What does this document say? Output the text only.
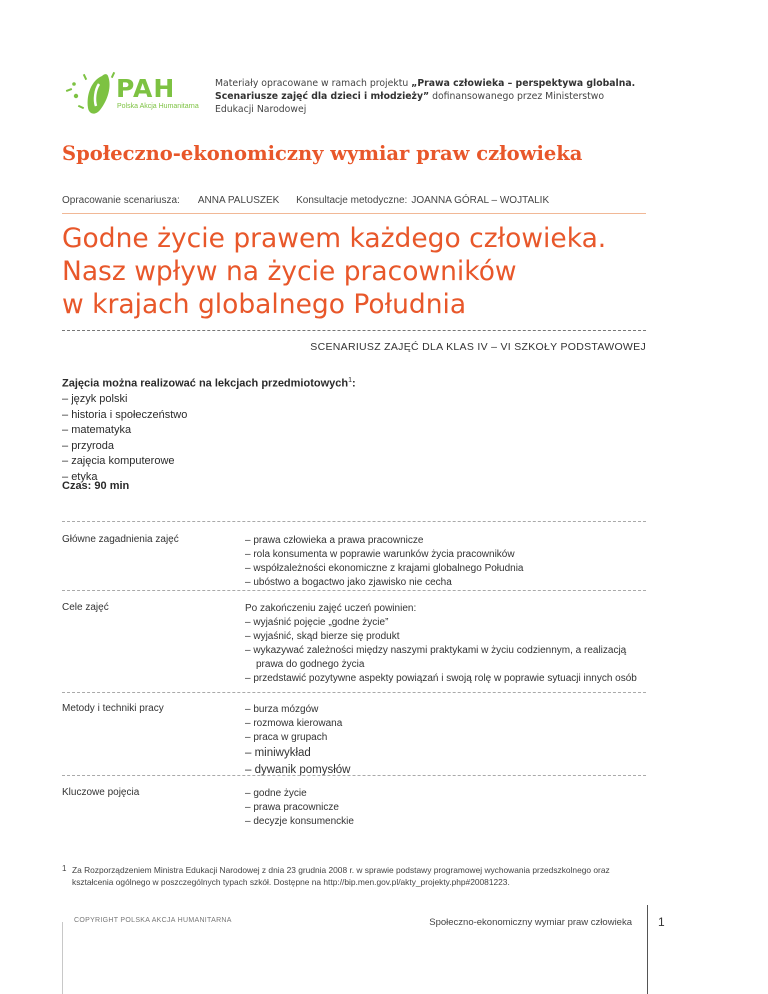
PAH
Polska Akcja Humanitarna
Materiały opracowane w ramach projektu „Prawa człowieka – perspektywa globalna.
Scenariusze zajęć dla dzieci i młodzieży” dofinansowanego przez Ministerstwo
Edukacji Narodowej
Społeczno-ekonomiczny wymiar praw człowieka
Opracowanie scenariusza: ANNA PALUSZEK Konsultacje metodyczne: JOANNA GÓRAL – WOJTALIK
Godne życie prawem każdego człowieka.
Nasz wpływ na życie pracowników
w krajach globalnego Południa
SCENARIUSZ ZAJĘĆ DLA KLAS IV – VI SZKOŁY PODSTAWOWEJ
Zajęcia można realizować na lekcjach przedmiotowych$^1$:
– język polski
– historia i społeczeństwo
– matematyka
– przyroda
– zajęcia komputerowe
– etyka
Czas: 90 min
Główne zagadnienia zajęć	– prawa człowieka a prawa pracownicze
– rola konsumenta w poprawie warunków życia pracowników
– współzależności ekonomiczne z krajami globalnego Południa
– ubóstwo a bogactwo jako zjawisko nie cecha
Cele zajęć	Po zakończeniu zajęć uczeń powinien:
– wyjaśnić pojęcie „godne życie”
– wyjaśnić, skąd bierze się produkt
– wykazywać zależności między naszymi praktykami w życiu codziennym, a realizacją prawa do godnego życia
– przedstawić pozytywne aspekty powiązań i swoją rolę w poprawie sytuacji innych osób
Metody i techniki pracy	– burza mózgów
– rozmowa kierowana
– praca w grupach
– miniwykład
– dywanik pomysłów
Kluczowe pojęcia	– godne życie
– prawa pracownicze
– decyzje konsumenckie
1 Za Rozporządzeniem Ministra Edukacji Narodowej z dnia 23 grudnia 2008 r. w sprawie podstawy programowej wychowania przedszkolnego oraz kształcenia ogólnego w poszczególnych typach szkół. Dostępne na http://bip.men.gov.pl/akty_projekty.php#20081223.
COPYRIGHT POLSKA AKCJA HUMANITARNA	Społeczno-ekonomiczny wymiar praw człowieka 1
